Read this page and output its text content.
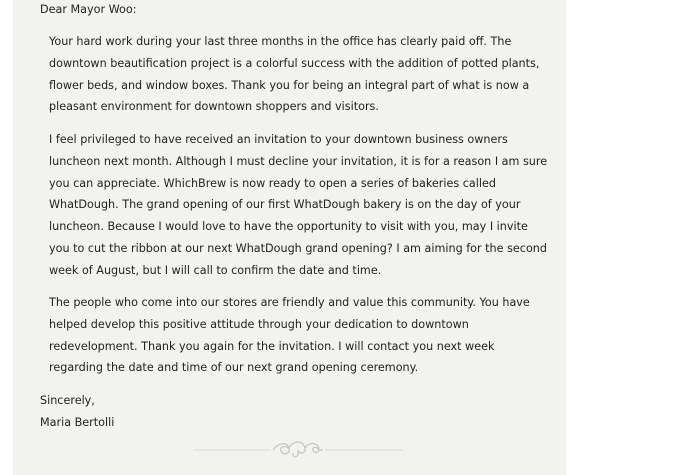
Dear Mayor Woo:

Your hard work during your last three months in the office has clearly paid off. The downtown beautification project is a colorful success with the addition of potted plants, flower beds, and window boxes. Thank you for being an integral part of what is now a pleasant environment for downtown shoppers and visitors.

I feel privileged to have received an invitation to your downtown business owners luncheon next month. Although I must decline your invitation, it is for a reason I am sure you can appreciate. WhichBrew is now ready to open a series of bakeries called WhatDough. The grand opening of our first WhatDough bakery is on the day of your luncheon. Because I would love to have the opportunity to visit with you, may I invite you to cut the ribbon at our next WhatDough grand opening? I am aiming for the second week of August, but I will call to confirm the date and time.

The people who come into our stores are friendly and value this community. You have helped develop this positive attitude through your dedication to downtown redevelopment. Thank you again for the invitation. I will contact you next week regarding the date and time of our next grand opening ceremony.

Sincerely,

Maria Bertolli
